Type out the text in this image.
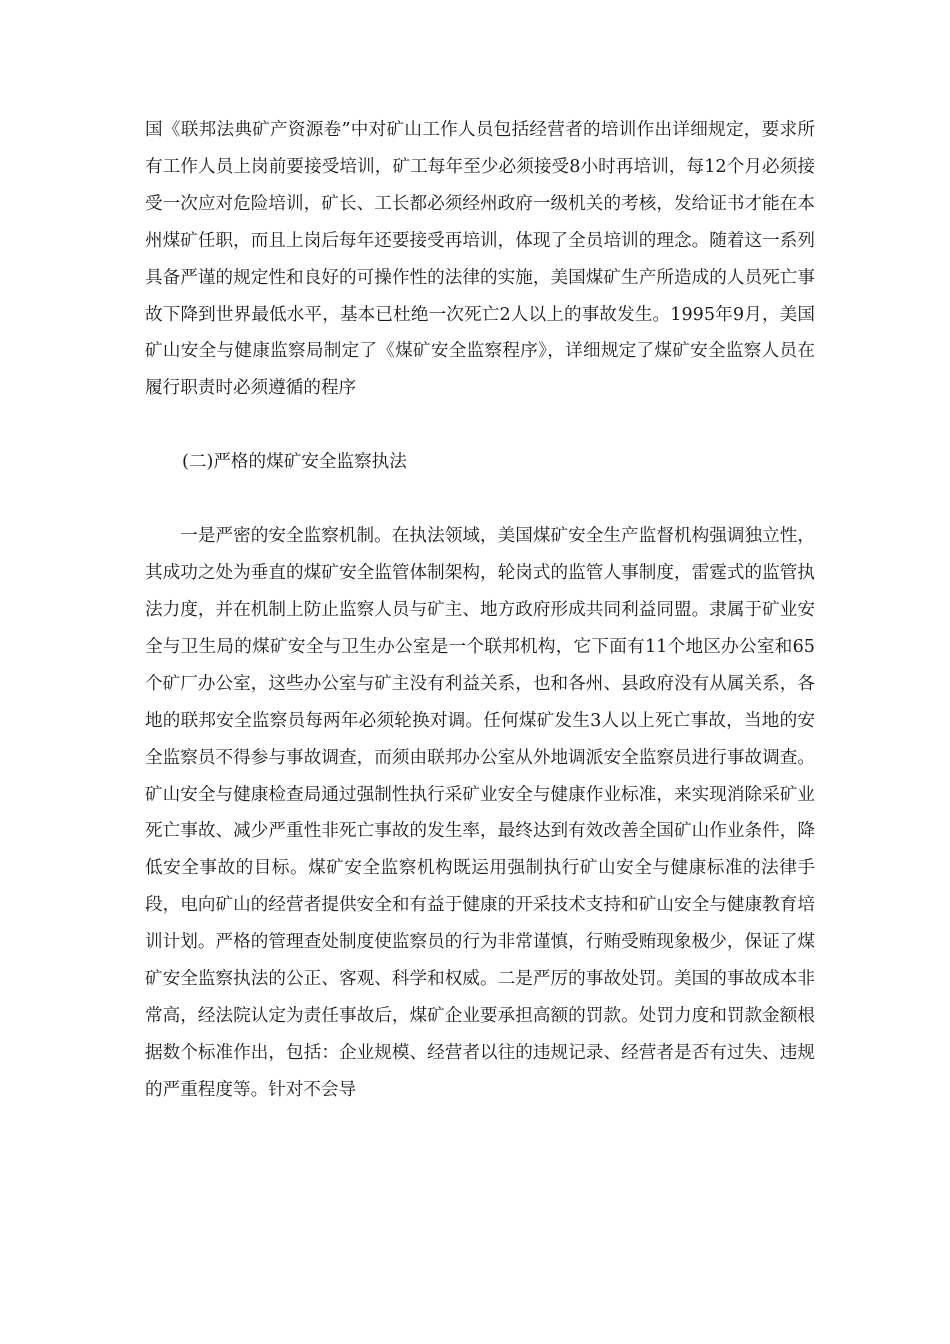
国《联邦法典矿产资源卷”中对矿山工作人员包括经营者的培训作出详细规定，要求所有工作人员上岗前要接受培训，矿工每年至少必须接受8小时再培训，每12个月必须接受一次应对危险培训，矿长、工长都必须经州政府一级机关的考核，发给证书才能在本州煤矿任职，而且上岗后每年还要接受再培训，体现了全员培训的理念。随着这一系列具备严谨的规定性和良好的可操作性的法律的实施，美国煤矿生产所造成的人员死亡事故下降到世界最低水平，基本已杜绝一次死亡2人以上的事故发生。1995年9月，美国矿山安全与健康监察局制定了《煤矿安全监察程序》，详细规定了煤矿安全监察人员在履行职责时必须遵循的程序

(二)严格的煤矿安全监察执法

一是严密的安全监察机制。在执法领域，美国煤矿安全生产监督机构强调独立性，其成功之处为垂直的煤矿安全监管体制架构，轮岗式的监管人事制度，雷霆式的监管执法力度，并在机制上防止监察人员与矿主、地方政府形成共同利益同盟。隶属于矿业安全与卫生局的煤矿安全与卫生办公室是一个联邦机构，它下面有11个地区办公室和65个矿厂办公室，这些办公室与矿主没有利益关系，也和各州、县政府没有从属关系，各地的联邦安全监察员每两年必须轮换对调。任何煤矿发生3人以上死亡事故，当地的安全监察员不得参与事故调查，而须由联邦办公室从外地调派安全监察员进行事故调查。矿山安全与健康检查局通过强制性执行采矿业安全与健康作业标准，来实现消除采矿业死亡事故、减少严重性非死亡事故的发生率，最终达到有效改善全国矿山作业条件，降低安全事故的目标。煤矿安全监察机构既运用强制执行矿山安全与健康标准的法律手段，电向矿山的经营者提供安全和有益于健康的开采技术支持和矿山安全与健康教育培训计划。严格的管理查处制度使监察员的行为非常谨慎，行贿受贿现象极少，保证了煤矿安全监察执法的公正、客观、科学和权威。二是严厉的事故处罚。美国的事故成本非常高，经法院认定为责任事故后，煤矿企业要承担高额的罚款。处罚力度和罚款金额根据数个标准作出，包括：企业规模、经营者以往的违规记录、经营者是否有过失、违规的严重程度等。针对不会导
